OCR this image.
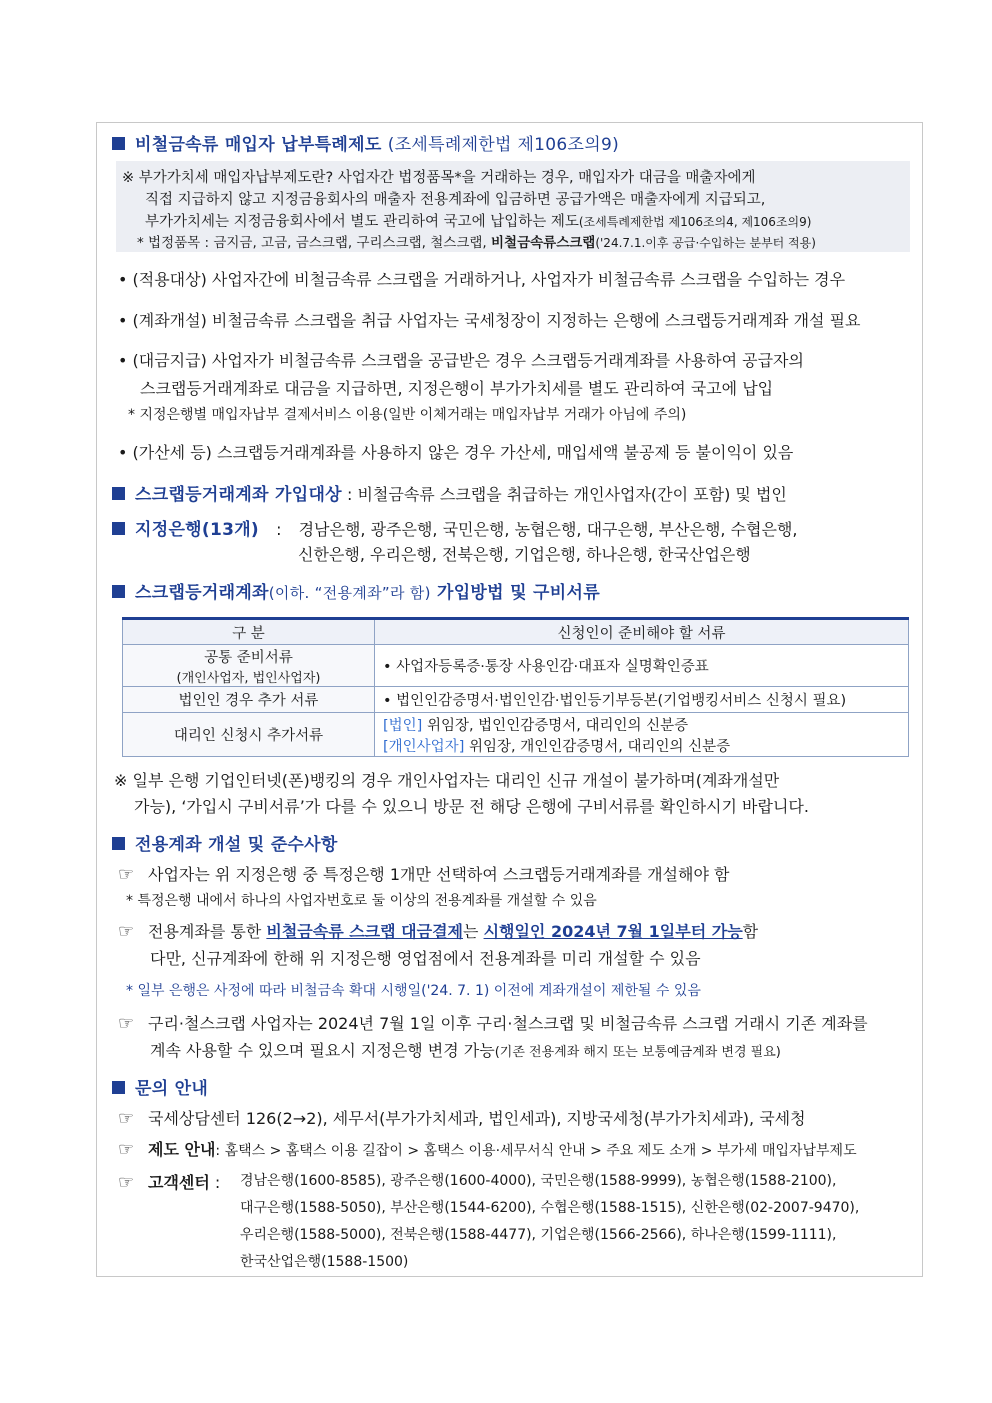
비철금속류 매입자 납부특례제도 (조세특례제한법 제106조의9)
※ 부가가치세 매입자납부제도란? 사업자간 법정품목*을 거래하는 경우, 매입자가 대금을 매출자에게
직접 지급하지 않고 지정금융회사의 매출자 전용계좌에 입금하면 공급가액은 매출자에게 지급되고,
부가가치세는 지정금융회사에서 별도 관리하여 국고에 납입하는 제도(조세특례제한법 제106조의4, 제106조의9)
* 법정품목 : 금지금, 고금, 금스크랩, 구리스크랩, 철스크랩, 비철금속류스크랩('24.7.1.이후 공급·수입하는 분부터 적용)
• (적용대상) 사업자간에 비철금속류 스크랩을 거래하거나, 사업자가 비철금속류 스크랩을 수입하는 경우
• (계좌개설) 비철금속류 스크랩을 취급 사업자는 국세청장이 지정하는 은행에 스크랩등거래계좌 개설 필요
• (대금지급) 사업자가 비철금속류 스크랩을 공급받은 경우 스크랩등거래계좌를 사용하여 공급자의
스크랩등거래계좌로 대금을 지급하면, 지정은행이 부가가치세를 별도 관리하여 국고에 납입
* 지정은행별 매입자납부 결제서비스 이용(일반 이체거래는 매입자납부 거래가 아님에 주의)
• (가산세 등) 스크랩등거래계좌를 사용하지 않은 경우 가산세, 매입세액 불공제 등 불이익이 있음
스크랩등거래계좌 가입대상 : 비철금속류 스크랩을 취급하는 개인사업자(간이 포함) 및 법인
지정은행(13개) : 경남은행, 광주은행, 국민은행, 농협은행, 대구은행, 부산은행, 수협은행,
신한은행, 우리은행, 전북은행, 기업은행, 하나은행, 한국산업은행
스크랩등거래계좌(이하. “전용계좌”라 함) 가입방법 및 구비서류
구 분	신청인이 준비해야 할 서류

공통 준비서류
(개인사업자, 법인사업자)	• 사업자등록증·통장 사용인감·대표자 실명확인증표
법인인 경우 추가 서류	• 법인인감증명서·법인인감·법인등기부등본(기업뱅킹서비스 신청시 필요)
대리인 신청시 추가서류	[법인] 위임장, 법인인감증명서, 대리인의 신분증
[개인사업자] 위임장, 개인인감증명서, 대리인의 신분증
※ 일부 은행 기업인터넷(폰)뱅킹의 경우 개인사업자는 대리인 신규 개설이 불가하며(계좌개설만
가능), ‘가입시 구비서류’가 다를 수 있으니 방문 전 해당 은행에 구비서류를 확인하시기 바랍니다.
전용계좌 개설 및 준수사항
☞ 사업자는 위 지정은행 중 특정은행 1개만 선택하여 스크랩등거래계좌를 개설해야 함
* 특정은행 내에서 하나의 사업자번호로 둘 이상의 전용계좌를 개설할 수 있음
☞ 전용계좌를 통한 비철금속류 스크랩 대금결제는 시행일인 2024년 7월 1일부터 가능함
다만, 신규계좌에 한해 위 지정은행 영업점에서 전용계좌를 미리 개설할 수 있음
* 일부 은행은 사정에 따라 비철금속 확대 시행일('24. 7. 1) 이전에 계좌개설이 제한될 수 있음
☞ 구리·철스크랩 사업자는 2024년 7월 1일 이후 구리·철스크랩 및 비철금속류 스크랩 거래시 기존 계좌를
계속 사용할 수 있으며 필요시 지정은행 변경 가능(기존 전용계좌 해지 또는 보통예금계좌 변경 필요)
문의 안내
☞ 국세상담센터 126(2→2), 세무서(부가가치세과, 법인세과), 지방국세청(부가가치세과), 국세청
☞ 제도 안내: 홈택스 > 홈택스 이용 길잡이 > 홈택스 이용·세무서식 안내 > 주요 제도 소개 > 부가세 매입자납부제도
☞ 고객센터 : 경남은행(1600-8585), 광주은행(1600-4000), 국민은행(1588-9999), 농협은행(1588-2100),
대구은행(1588-5050), 부산은행(1544-6200), 수협은행(1588-1515), 신한은행(02-2007-9470),
우리은행(1588-5000), 전북은행(1588-4477), 기업은행(1566-2566), 하나은행(1599-1111),
한국산업은행(1588-1500)
